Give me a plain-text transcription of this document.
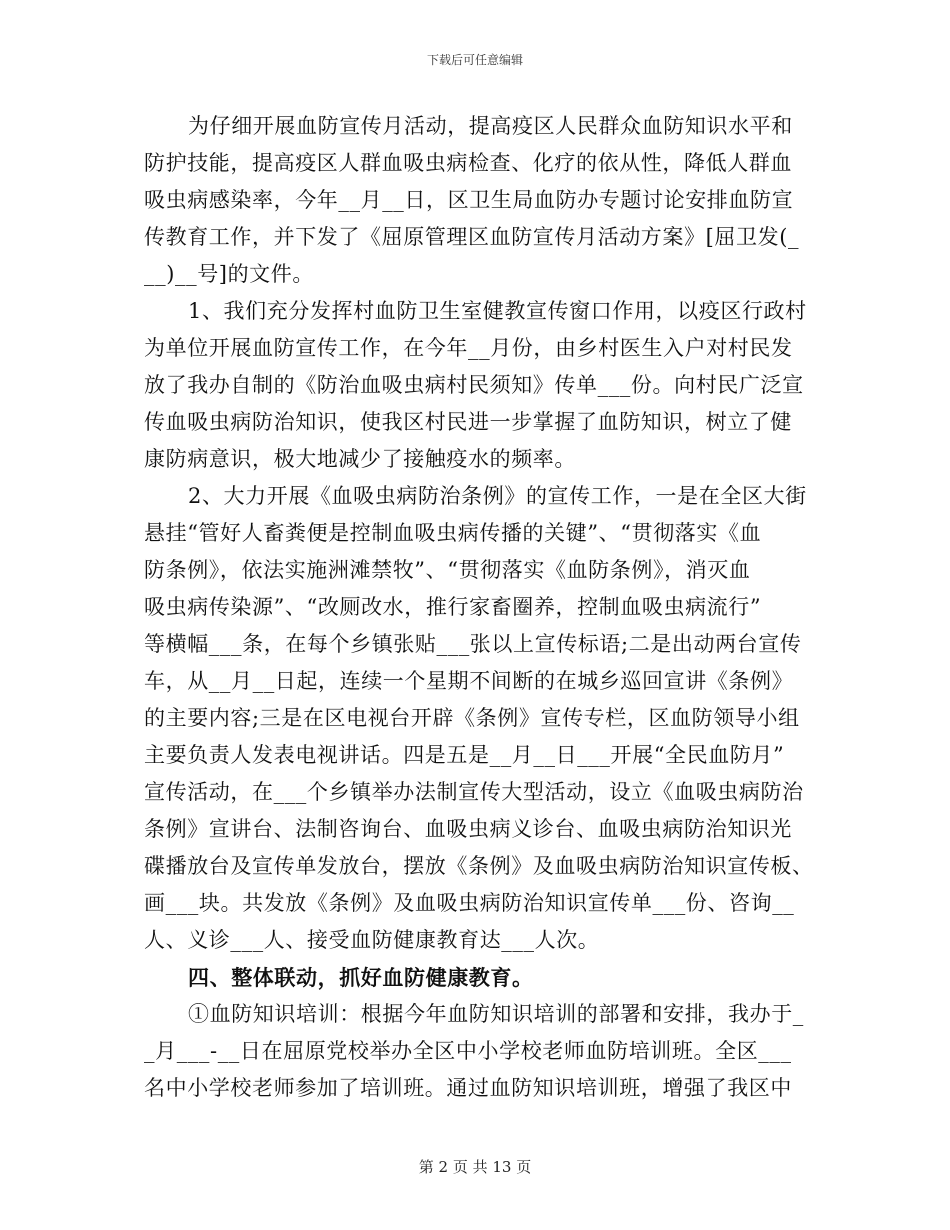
下载后可任意编辑
为仔细开展血防宣传月活动，提高疫区人民群众血防知识水平和
防护技能，提高疫区人群血吸虫病检查、化疗的依从性，降低人群血
吸虫病感染率，今年__月__日，区卫生局血防办专题讨论安排血防宣
传教育工作，并下发了《屈原管理区血防宣传月活动方案》[屈卫发(_
__)__号]的文件。
1、我们充分发挥村血防卫生室健教宣传窗口作用，以疫区行政村
为单位开展血防宣传工作，在今年__月份，由乡村医生入户对村民发
放了我办自制的《防治血吸虫病村民须知》传单___份。向村民广泛宣
传血吸虫病防治知识，使我区村民进一步掌握了血防知识，树立了健
康防病意识，极大地减少了接触疫水的频率。
2、大力开展《血吸虫病防治条例》的宣传工作，一是在全区大街
悬挂“管好人畜粪便是控制血吸虫病传播的关键”、“贯彻落实《血
防条例》，依法实施洲滩禁牧”、“贯彻落实《血防条例》，消灭血
吸虫病传染源”、“改厕改水，推行家畜圈养，控制血吸虫病流行”
等横幅___条，在每个乡镇张贴___张以上宣传标语;二是出动两台宣传
车，从__月__日起，连续一个星期不间断的在城乡巡回宣讲《条例》
的主要内容;三是在区电视台开辟《条例》宣传专栏，区血防领导小组
主要负责人发表电视讲话。四是五是__月__日___开展“全民血防月”
宣传活动，在___个乡镇举办法制宣传大型活动，设立《血吸虫病防治
条例》宣讲台、法制咨询台、血吸虫病义诊台、血吸虫病防治知识光
碟播放台及宣传单发放台，摆放《条例》及血吸虫病防治知识宣传板、
画___块。共发放《条例》及血吸虫病防治知识宣传单___份、咨询__
人、义诊___人、接受血防健康教育达___人次。
四、整体联动，抓好血防健康教育。
①血防知识培训：根据今年血防知识培训的部署和安排，我办于_
_月___-__日在屈原党校举办全区中小学校老师血防培训班。全区___
名中小学校老师参加了培训班。通过血防知识培训班，增强了我区中
第 2 页 共 13 页
